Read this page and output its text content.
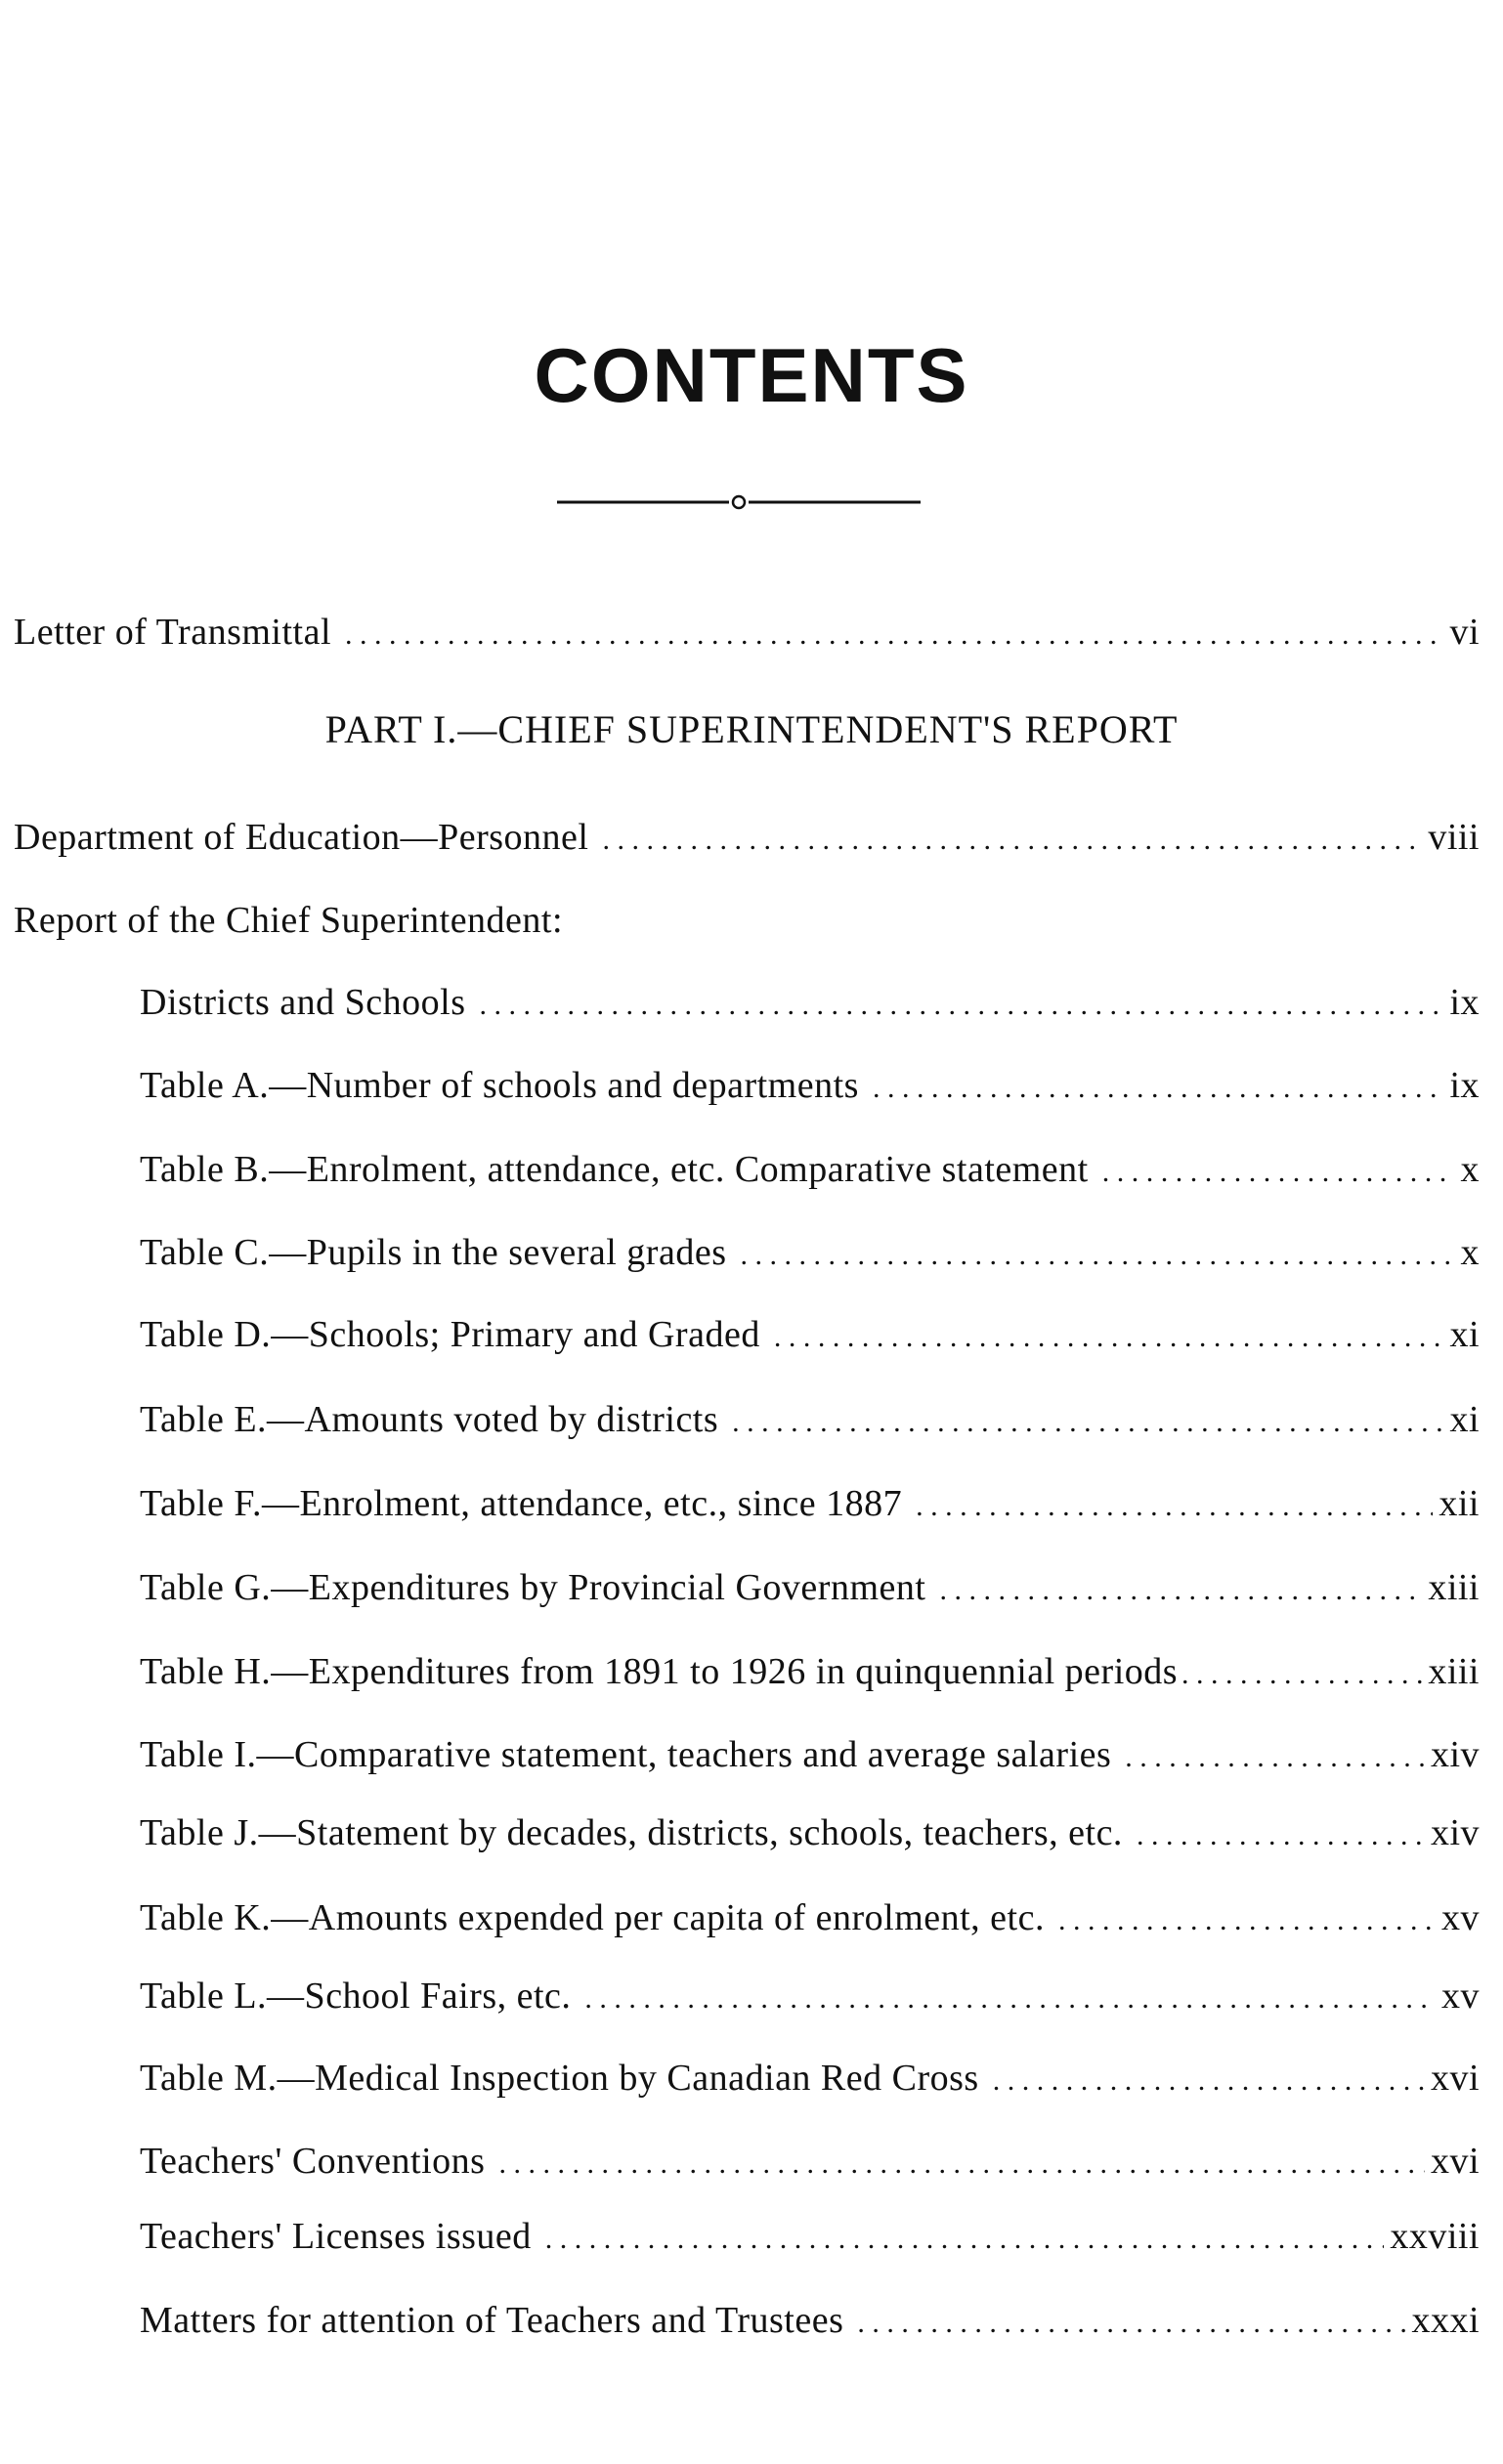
CONTENTS
Letter of Transmittal . . .	vi
PART I.—CHIEF SUPERINTENDENT'S REPORT
Department of Education—Personnel . . .	viii
Report of the Chief Superintendent:
Districts and Schools . . .	ix
Table A.—Number of schools and departments . . .	ix
Table B.—Enrolment, attendance, etc. Comparative statement . . .	x
Table C.—Pupils in the several grades . . .	x
Table D.—Schools; Primary and Graded . . .	xi
Table E.—Amounts voted by districts . . .	xi
Table F.—Enrolment, attendance, etc., since 1887 . . .	xii
Table G.—Expenditures by Provincial Government . . .	xiii
Table H.—Expenditures from 1891 to 1926 in quinquennial periods . . .	xiii
Table I.—Comparative statement, teachers and average salaries . . .	xiv
Table J.—Statement by decades, districts, schools, teachers, etc. . . .	xiv
Table K.—Amounts expended per capita of enrolment, etc. . . .	xv
Table L.—School Fairs, etc. . . .	xv
Table M.—Medical Inspection by Canadian Red Cross . . .	xvi
Teachers' Conventions . . .	xvi
Teachers' Licenses issued . . .	xxviii
Matters for attention of Teachers and Trustees . . .	xxxi
